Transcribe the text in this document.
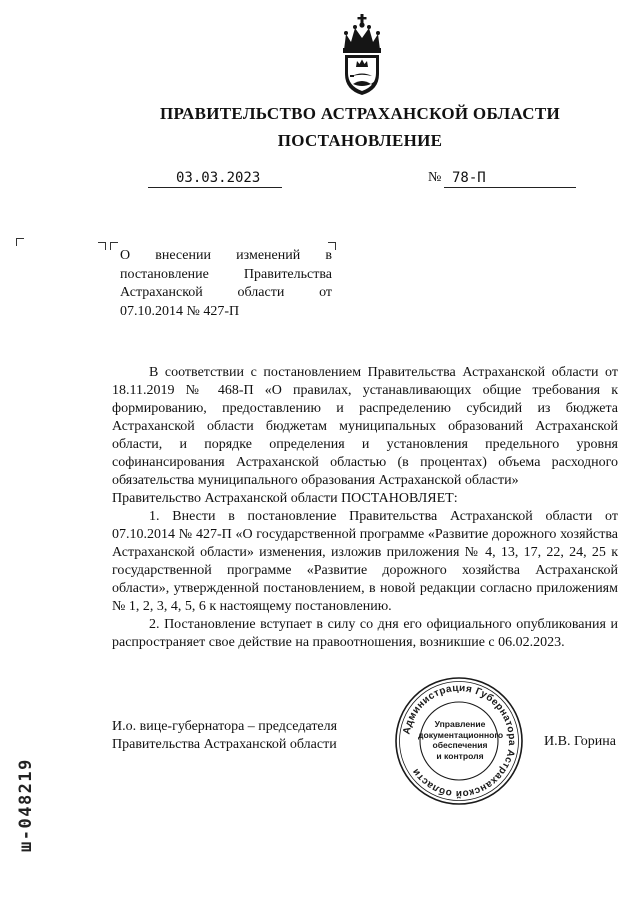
ПРАВИТЕЛЬСТВО АСТРАХАНСКОЙ ОБЛАСТИ
ПОСТАНОВЛЕНИЕ
03.03.2023	№ 78-П
О внесении изменений в постановление Правительства Астраханской области от 07.10.2014 № 427-П

В соответствии с постановлением Правительства Астраханской области от 18.11.2019 № 468-П «О правилах, устанавливающих общие требования к формированию, предоставлению и распределению субсидий из бюджета Астраханской области бюджетам муниципальных образований Астраханской области, и порядке определения и установления предельного уровня софинансирования Астраханской областью (в процентах) объема расходного обязательства муниципального образования Астраханской области»

Правительство Астраханской области ПОСТАНОВЛЯЕТ:

1. Внести в постановление Правительства Астраханской области от 07.10.2014 № 427-П «О государственной программе «Развитие дорожного хозяйства Астраханской области» изменения, изложив приложения № 4, 13, 17, 22, 24, 25 к государственной программе «Развитие дорожного хозяйства Астраханской области», утвержденной постановлением, в новой редакции согласно приложениям № 1, 2, 3, 4, 5, 6 к настоящему постановлению.

2. Постановление вступает в силу со дня его официального опубликования и распространяет свое действие на правоотношения, возникшие с 06.02.2023.

И.о. вице-губернатора – председателя
Правительства Астраханской области
Администрация Губернатора Астраханской области
Управление
документационного
обеспечения
и контроля
И.В. Горина
ш-048219
